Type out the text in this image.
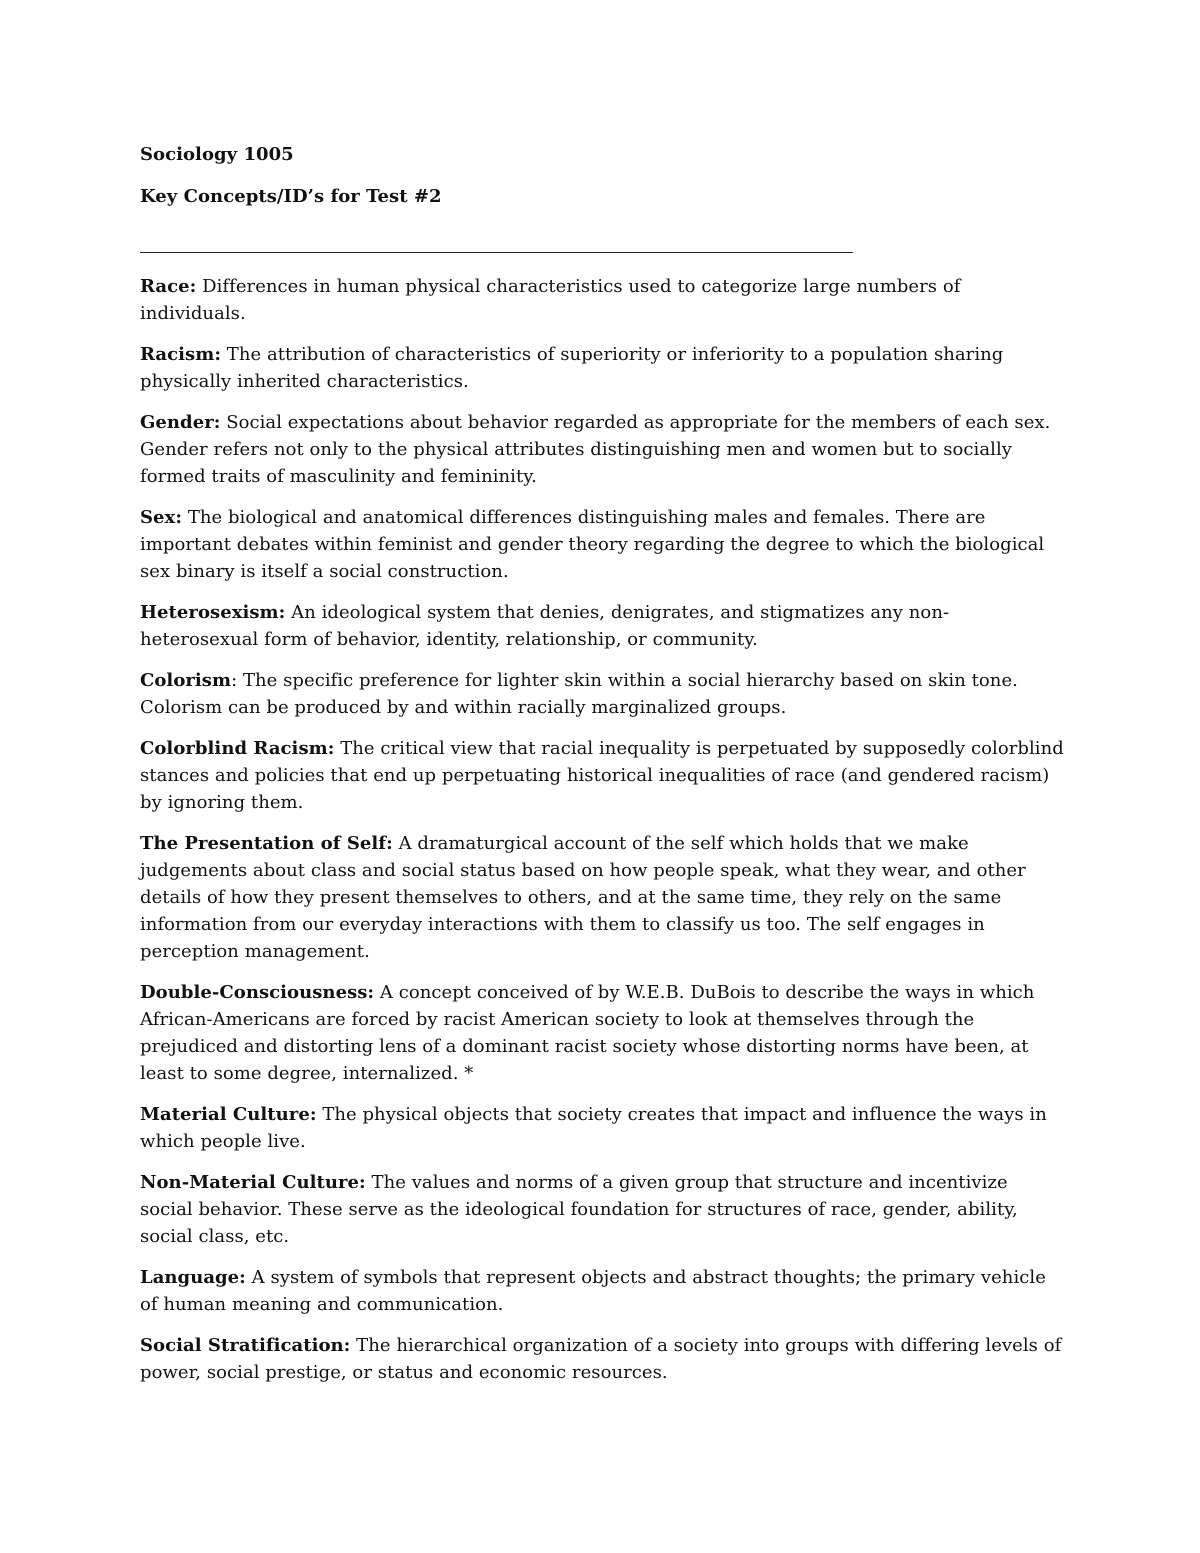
Sociology 1005

Key Concepts/ID’s for Test #2

Race: Differences in human physical characteristics used to categorize large numbers of individuals.

Racism: The attribution of characteristics of superiority or inferiority to a population sharing physically inherited characteristics.

Gender: Social expectations about behavior regarded as appropriate for the members of each sex. Gender refers not only to the physical attributes distinguishing men and women but to socially formed traits of masculinity and femininity.

Sex: The biological and anatomical differences distinguishing males and females. There are important debates within feminist and gender theory regarding the degree to which the biological sex binary is itself a social construction.

Heterosexism: An ideological system that denies, denigrates, and stigmatizes any non-heterosexual form of behavior, identity, relationship, or community.

Colorism: The specific preference for lighter skin within a social hierarchy based on skin tone. Colorism can be produced by and within racially marginalized groups.

Colorblind Racism: The critical view that racial inequality is perpetuated by supposedly colorblind stances and policies that end up perpetuating historical inequalities of race (and gendered racism) by ignoring them.

The Presentation of Self: A dramaturgical account of the self which holds that we make judgements about class and social status based on how people speak, what they wear, and other details of how they present themselves to others, and at the same time, they rely on the same information from our everyday interactions with them to classify us too. The self engages in perception management.

Double-Consciousness: A concept conceived of by W.E.B. DuBois to describe the ways in which African-Americans are forced by racist American society to look at themselves through the prejudiced and distorting lens of a dominant racist society whose distorting norms have been, at least to some degree, internalized. *

Material Culture: The physical objects that society creates that impact and influence the ways in which people live.

Non-Material Culture: The values and norms of a given group that structure and incentivize social behavior. These serve as the ideological foundation for structures of race, gender, ability, social class, etc.

Language: A system of symbols that represent objects and abstract thoughts; the primary vehicle of human meaning and communication.

Social Stratification: The hierarchical organization of a society into groups with differing levels of power, social prestige, or status and economic resources.
